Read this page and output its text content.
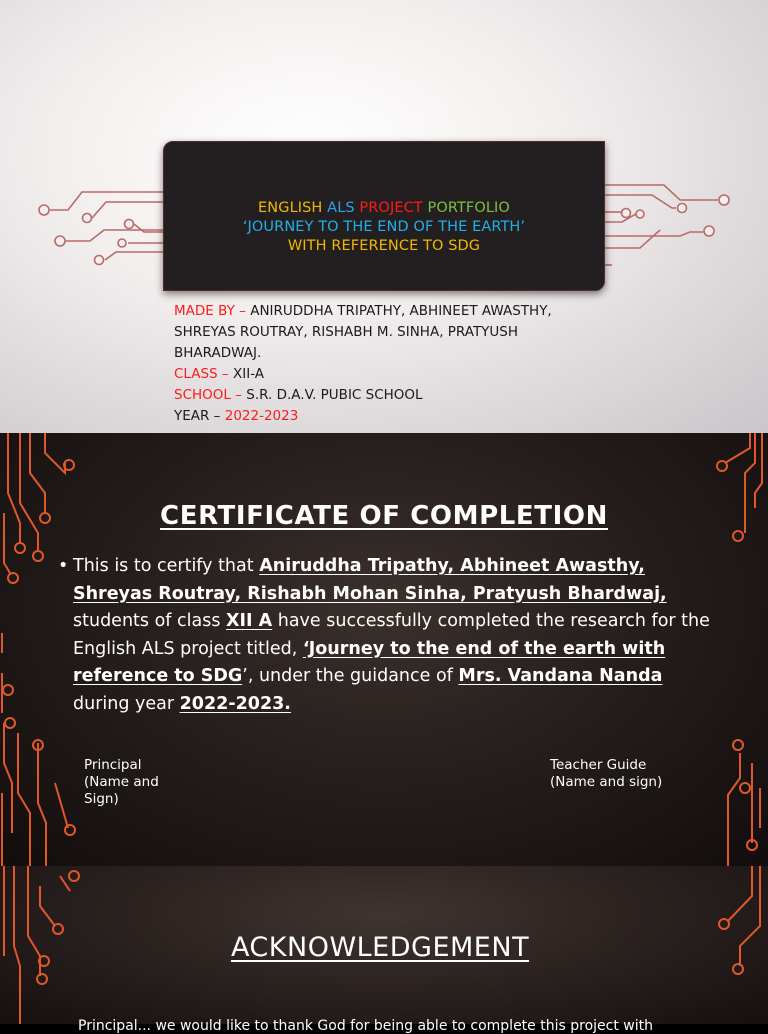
ENGLISH ALS PROJECT PORTFOLIO
‘JOURNEY TO THE END OF THE EARTH’
WITH REFERENCE TO SDG
MADE BY – ANIRUDDHA TRIPATHY, ABHINEET AWASTHY,
SHREYAS ROUTRAY, RISHABH M. SINHA, PRATYUSH
BHARADWAJ.
CLASS – XII-A
SCHOOL – S.R. D.A.V. PUBIC SCHOOL
YEAR – 2022-2023
CERTIFICATE OF COMPLETION
• This is to certify that Aniruddha Tripathy, Abhineet Awasthy, Shreyas Routray, Rishabh Mohan Sinha, Pratyush Bhardwaj, students of class XII A have successfully completed the research for the English ALS project titled, ‘Journey to the end of the earth with reference to SDG’, under the guidance of Mrs. Vandana Nanda during year 2022-2023.
Principal
(Name and
Sign)
Teacher Guide
(Name and sign)
ACKNOWLEDGEMENT
Principal... we would like to thank God for being able to complete this project with
